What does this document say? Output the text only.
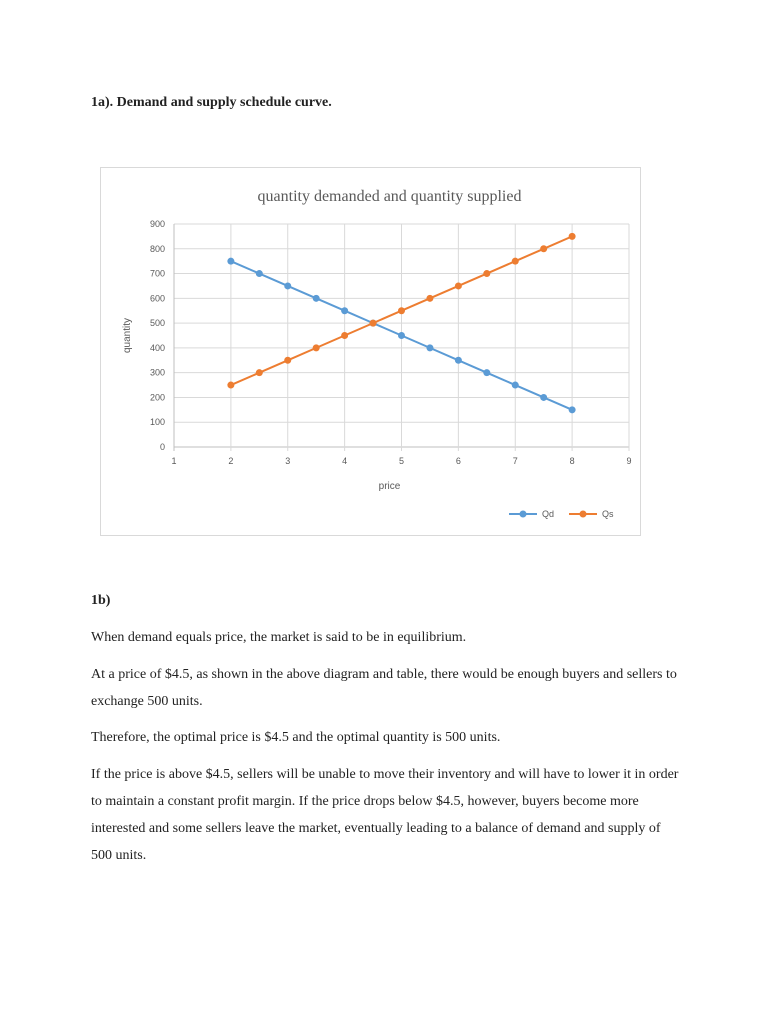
1a). Demand and supply schedule curve.
quantity demanded and quantity supplied
0
100
200
300
400
500
600
700
800
900
1	2	3	4	5	6	7	8	9
price
quantity
Qd	Qs
1b)

When demand equals price, the market is said to be in equilibrium.

At a price of $4.5, as shown in the above diagram and table, there would be enough buyers and sellers to exchange 500 units.

Therefore, the optimal price is $4.5 and the optimal quantity is 500 units.

If the price is above $4.5, sellers will be unable to move their inventory and will have to lower it in order to maintain a constant profit margin. If the price drops below $4.5, however, buyers become more interested and some sellers leave the market, eventually leading to a balance of demand and supply of 500 units.
